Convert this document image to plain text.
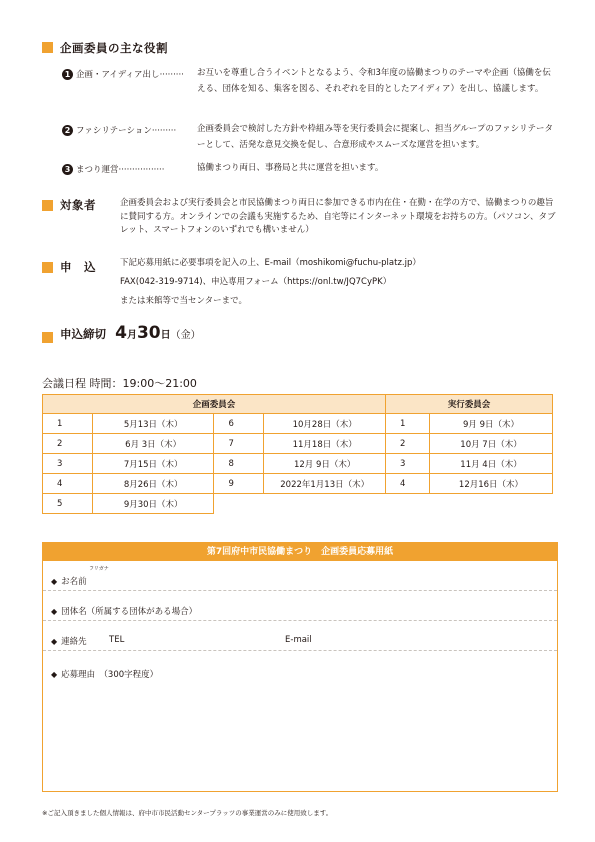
企画委員の主な役割
1 企画・アイディア出し········· お互いを尊重し合うイベントとなるよう、令和3年度の協働まつりのテーマや企画（協働を伝える、団体を知る、集客を図る、それぞれを目的としたアイディア）を出し、協議します。
2 ファシリテーション········· 企画委員会で検討した方針や枠組み等を実行委員会に提案し、担当グループのファシリテーターとして、活発な意見交換を促し、合意形成やスムーズな運営を担います。
3 まつり運営·················	協働まつり両日、事務局と共に運営を担います。
対象者	企画委員会および実行委員会と市民協働まつり両日に参加できる市内在住・在勤・在学の方で、協働まつりの趣旨に賛同する方。オンラインでの会議も実施するため、自宅等にインターネット環境をお持ちの方。（パソコン、タブレット、スマートフォンのいずれでも構いません）
申　込	下記応募用紙に必要事項を記入の上、E-mail（moshikomi@fuchu-platz.jp）
FAX(042-319-9714)、申込専用フォーム（https://onl.tw/JQ7CyPK）
または来館等で当センターまで。
申込締切 4月30日（金）
会議日程 時間：19:00〜21:00
企画委員会			
1	5月13日（木）	6	10月28日（木）
2	6月 3日（木）	7	11月18日（木）
3	7月15日（木）	8	12月 9日（木）
4	8月26日（木）	9	2022年1月13日（木）
5	9月30日（木）		
実行委員会	
1	9月 9日（木）
2	10月 7日（木）
3	11月 4日（木）
4	12月16日（木）
第7回府中市民協働まつり　企画委員応募用紙
フリガナ
◆ お名前
◆ 団体名（所属する団体がある場合）
◆ 連絡先	TEL	E-mail
◆ 応募理由　（300字程度）
※ご記入頂きました個人情報は、府中市市民活動センタープラッツの事業運営のみに使用致します。
